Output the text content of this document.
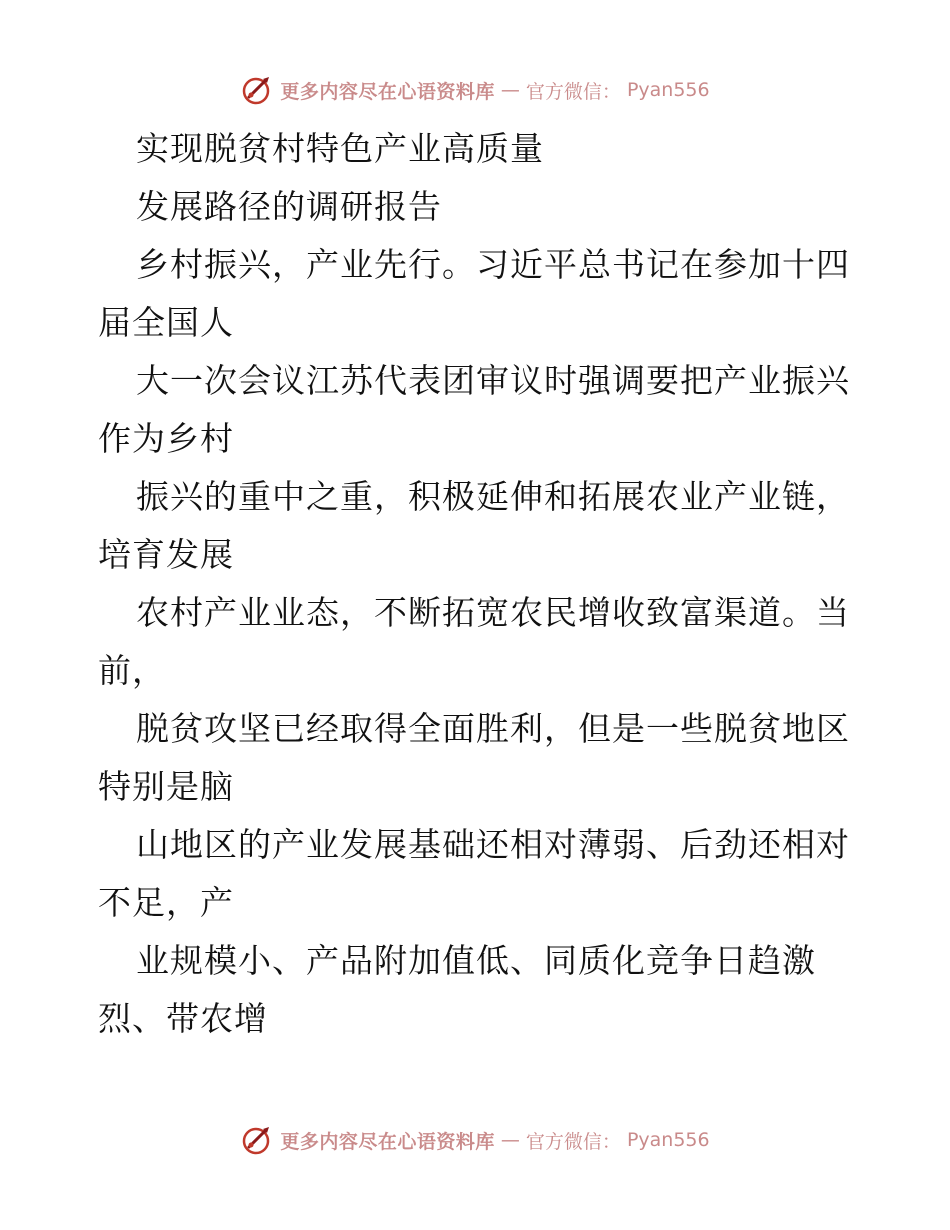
更多内容尽在心语资料库 — 官方微信： Pyan556
实现脱贫村特色产业高质量
发展路径的调研报告
乡村振兴，产业先行。习近平总书记在参加十四
届全国人
大一次会议江苏代表团审议时强调要把产业振兴
作为乡村
振兴的重中之重，积极延伸和拓展农业产业链，
培育发展
农村产业业态，不断拓宽农民增收致富渠道。当
前，
脱贫攻坚已经取得全面胜利，但是一些脱贫地区
特别是脑
山地区的产业发展基础还相对薄弱、后劲还相对
不足，产
业规模小、产品附加值低、同质化竞争日趋激
烈、带农增
更多内容尽在心语资料库 — 官方微信： Pyan556
